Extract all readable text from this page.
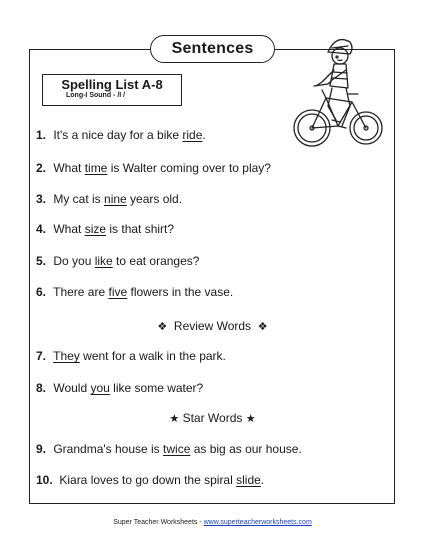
Sentences
Spelling List A-8
Long-I Sound - /I /
1. It's a nice day for a bike ride.
2. What time is Walter coming over to play?
3. My cat is nine years old.
4. What size is that shirt?
5. Do you like to eat oranges?
6. There are five flowers in the vase.
❖ Review Words ❖
7. They went for a walk in the park.
8. Would you like some water?
★ Star Words ★
9. Grandma's house is twice as big as our house.
10. Kiara loves to go down the spiral slide.
Super Teacher Worksheets - www.superteacherworksheets.com
